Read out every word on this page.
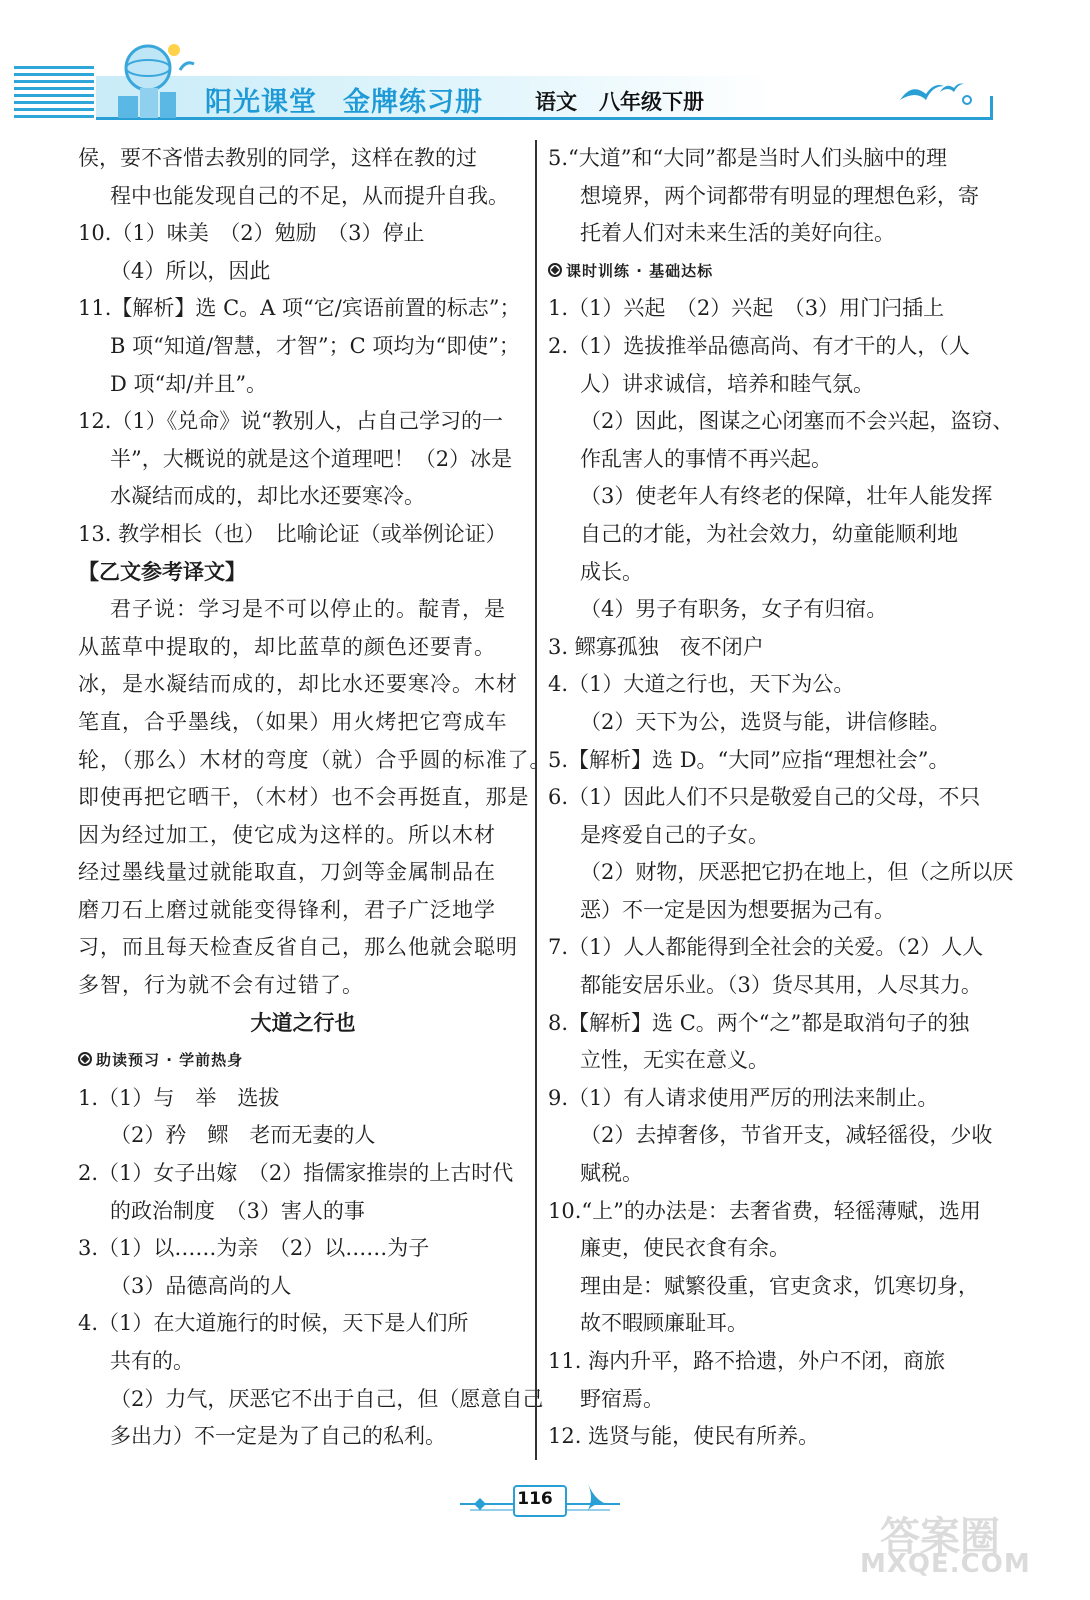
阳光课堂 金牌练习册 语文 八年级下册
侯，要不吝惜去教别的同学，这样在教的过
程中也能发现自己的不足，从而提升自我。
10.（1）味美　（2）勉励　（3）停止
（4）所以，因此
11.【解析】选 C。A 项“它/宾语前置的标志”；
B 项“知道/智慧，才智”；C 项均为“即使”；
D 项“却/并且”。
12.（1）《兑命》说“教别人，占自己学习的一
半”，大概说的就是这个道理吧！（2）冰是
水凝结而成的，却比水还要寒冷。
13. 教学相长（也）　比喻论证（或举例论证）
【乙文参考译文】
君子说：学习是不可以停止的。靛青，是
从蓝草中提取的，却比蓝草的颜色还要青。
冰，是水凝结而成的，却比水还要寒冷。木材
笔直，合乎墨线，（如果）用火烤把它弯成车
轮，（那么）木材的弯度（就）合乎圆的标准了。
即使再把它晒干，（木材）也不会再挺直，那是
因为经过加工，使它成为这样的。所以木材
经过墨线量过就能取直，刀剑等金属制品在
磨刀石上磨过就能变得锋利，君子广泛地学
习，而且每天检查反省自己，那么他就会聪明
多智，行为就不会有过错了。
大道之行也
助读预习 · 学前热身
1.（1）与　举　选拔
（2）矜　鳏　老而无妻的人
2.（1）女子出嫁　（2）指儒家推崇的上古时代
的政治制度　（3）害人的事
3.（1）以……为亲　（2）以……为子
（3）品德高尚的人
4.（1）在大道施行的时候，天下是人们所
共有的。
（2）力气，厌恶它不出于自己，但（愿意自己
多出力）不一定是为了自己的私利。
5.“大道”和“大同”都是当时人们头脑中的理
想境界，两个词都带有明显的理想色彩，寄
托着人们对未来生活的美好向往。
课时训练 · 基础达标
1.（1）兴起　（2）兴起　（3）用门闩插上
2.（1）选拔推举品德高尚、有才干的人，（人
人）讲求诚信，培养和睦气氛。
（2）因此，图谋之心闭塞而不会兴起，盗窃、
作乱害人的事情不再兴起。
（3）使老年人有终老的保障，壮年人能发挥
自己的才能，为社会效力，幼童能顺利地
成长。
（4）男子有职务，女子有归宿。
3. 鳏寡孤独　夜不闭户
4.（1）大道之行也，天下为公。
（2）天下为公，选贤与能，讲信修睦。
5.【解析】选 D。“大同”应指“理想社会”。
6.（1）因此人们不只是敬爱自己的父母，不只
是疼爱自己的子女。
（2）财物，厌恶把它扔在地上，但（之所以厌
恶）不一定是因为想要据为己有。
7.（1）人人都能得到全社会的关爱。（2）人人
都能安居乐业。（3）货尽其用，人尽其力。
8.【解析】选 C。两个“之”都是取消句子的独
立性，无实在意义。
9.（1）有人请求使用严厉的刑法来制止。
（2）去掉奢侈，节省开支，减轻徭役，少收
赋税。
10.“上”的办法是：去奢省费，轻徭薄赋，选用
廉吏，使民衣食有余。
理由是：赋繁役重，官吏贪求，饥寒切身，
故不暇顾廉耻耳。
11. 海内升平，路不拾遗，外户不闭，商旅
野宿焉。
12. 选贤与能，使民有所养。
116
答案圈
MXQE.COM
